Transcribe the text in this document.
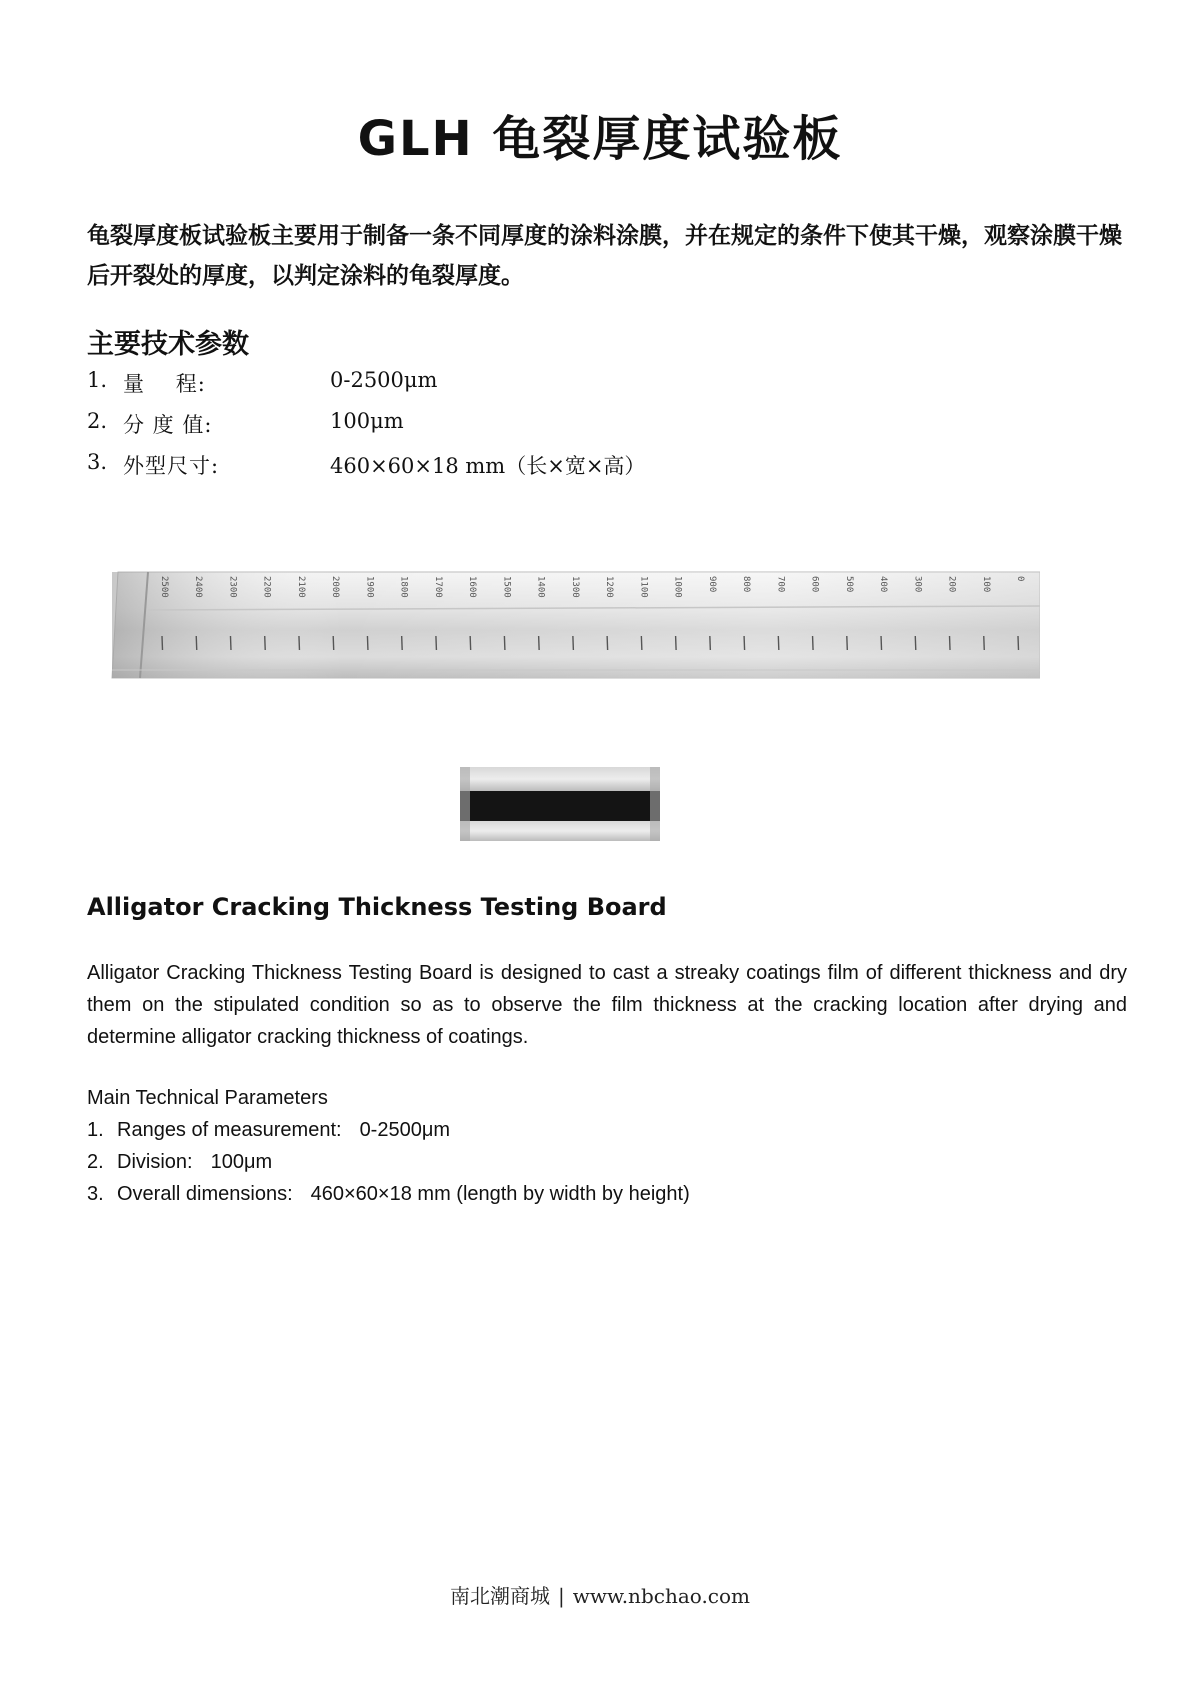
GLH 龟裂厚度试验板

龟裂厚度板试验板主要用于制备一条不同厚度的涂料涂膜，并在规定的条件下使其干燥，观察涂膜干燥后开裂处的厚度，以判定涂料的龟裂厚度。

主要技术参数
1. 量    程:	0-2500μm
2. 分 度 值:	100μm
3. 外型尺寸:	460×60×18 mm（长×宽×高）
2500	2400	2300	2200	2100	2000	1900	1800	1700	1600	1500	1400	1300	1200	1100	1000	900	800	700	600	500	400	300	200	100	0
Alligator Cracking Thickness Testing Board

Alligator Cracking Thickness Testing Board is designed to cast a streaky coatings film of different thickness and dry them on the stipulated condition so as to observe the film thickness at the cracking location after drying and determine alligator cracking thickness of coatings.

Main Technical Parameters
1. Ranges of measurement: 0-2500μm
2. Division: 100μm
3. Overall dimensions: 460×60×18 mm (length by width by height)

南北潮商城 | www.nbchao.com
